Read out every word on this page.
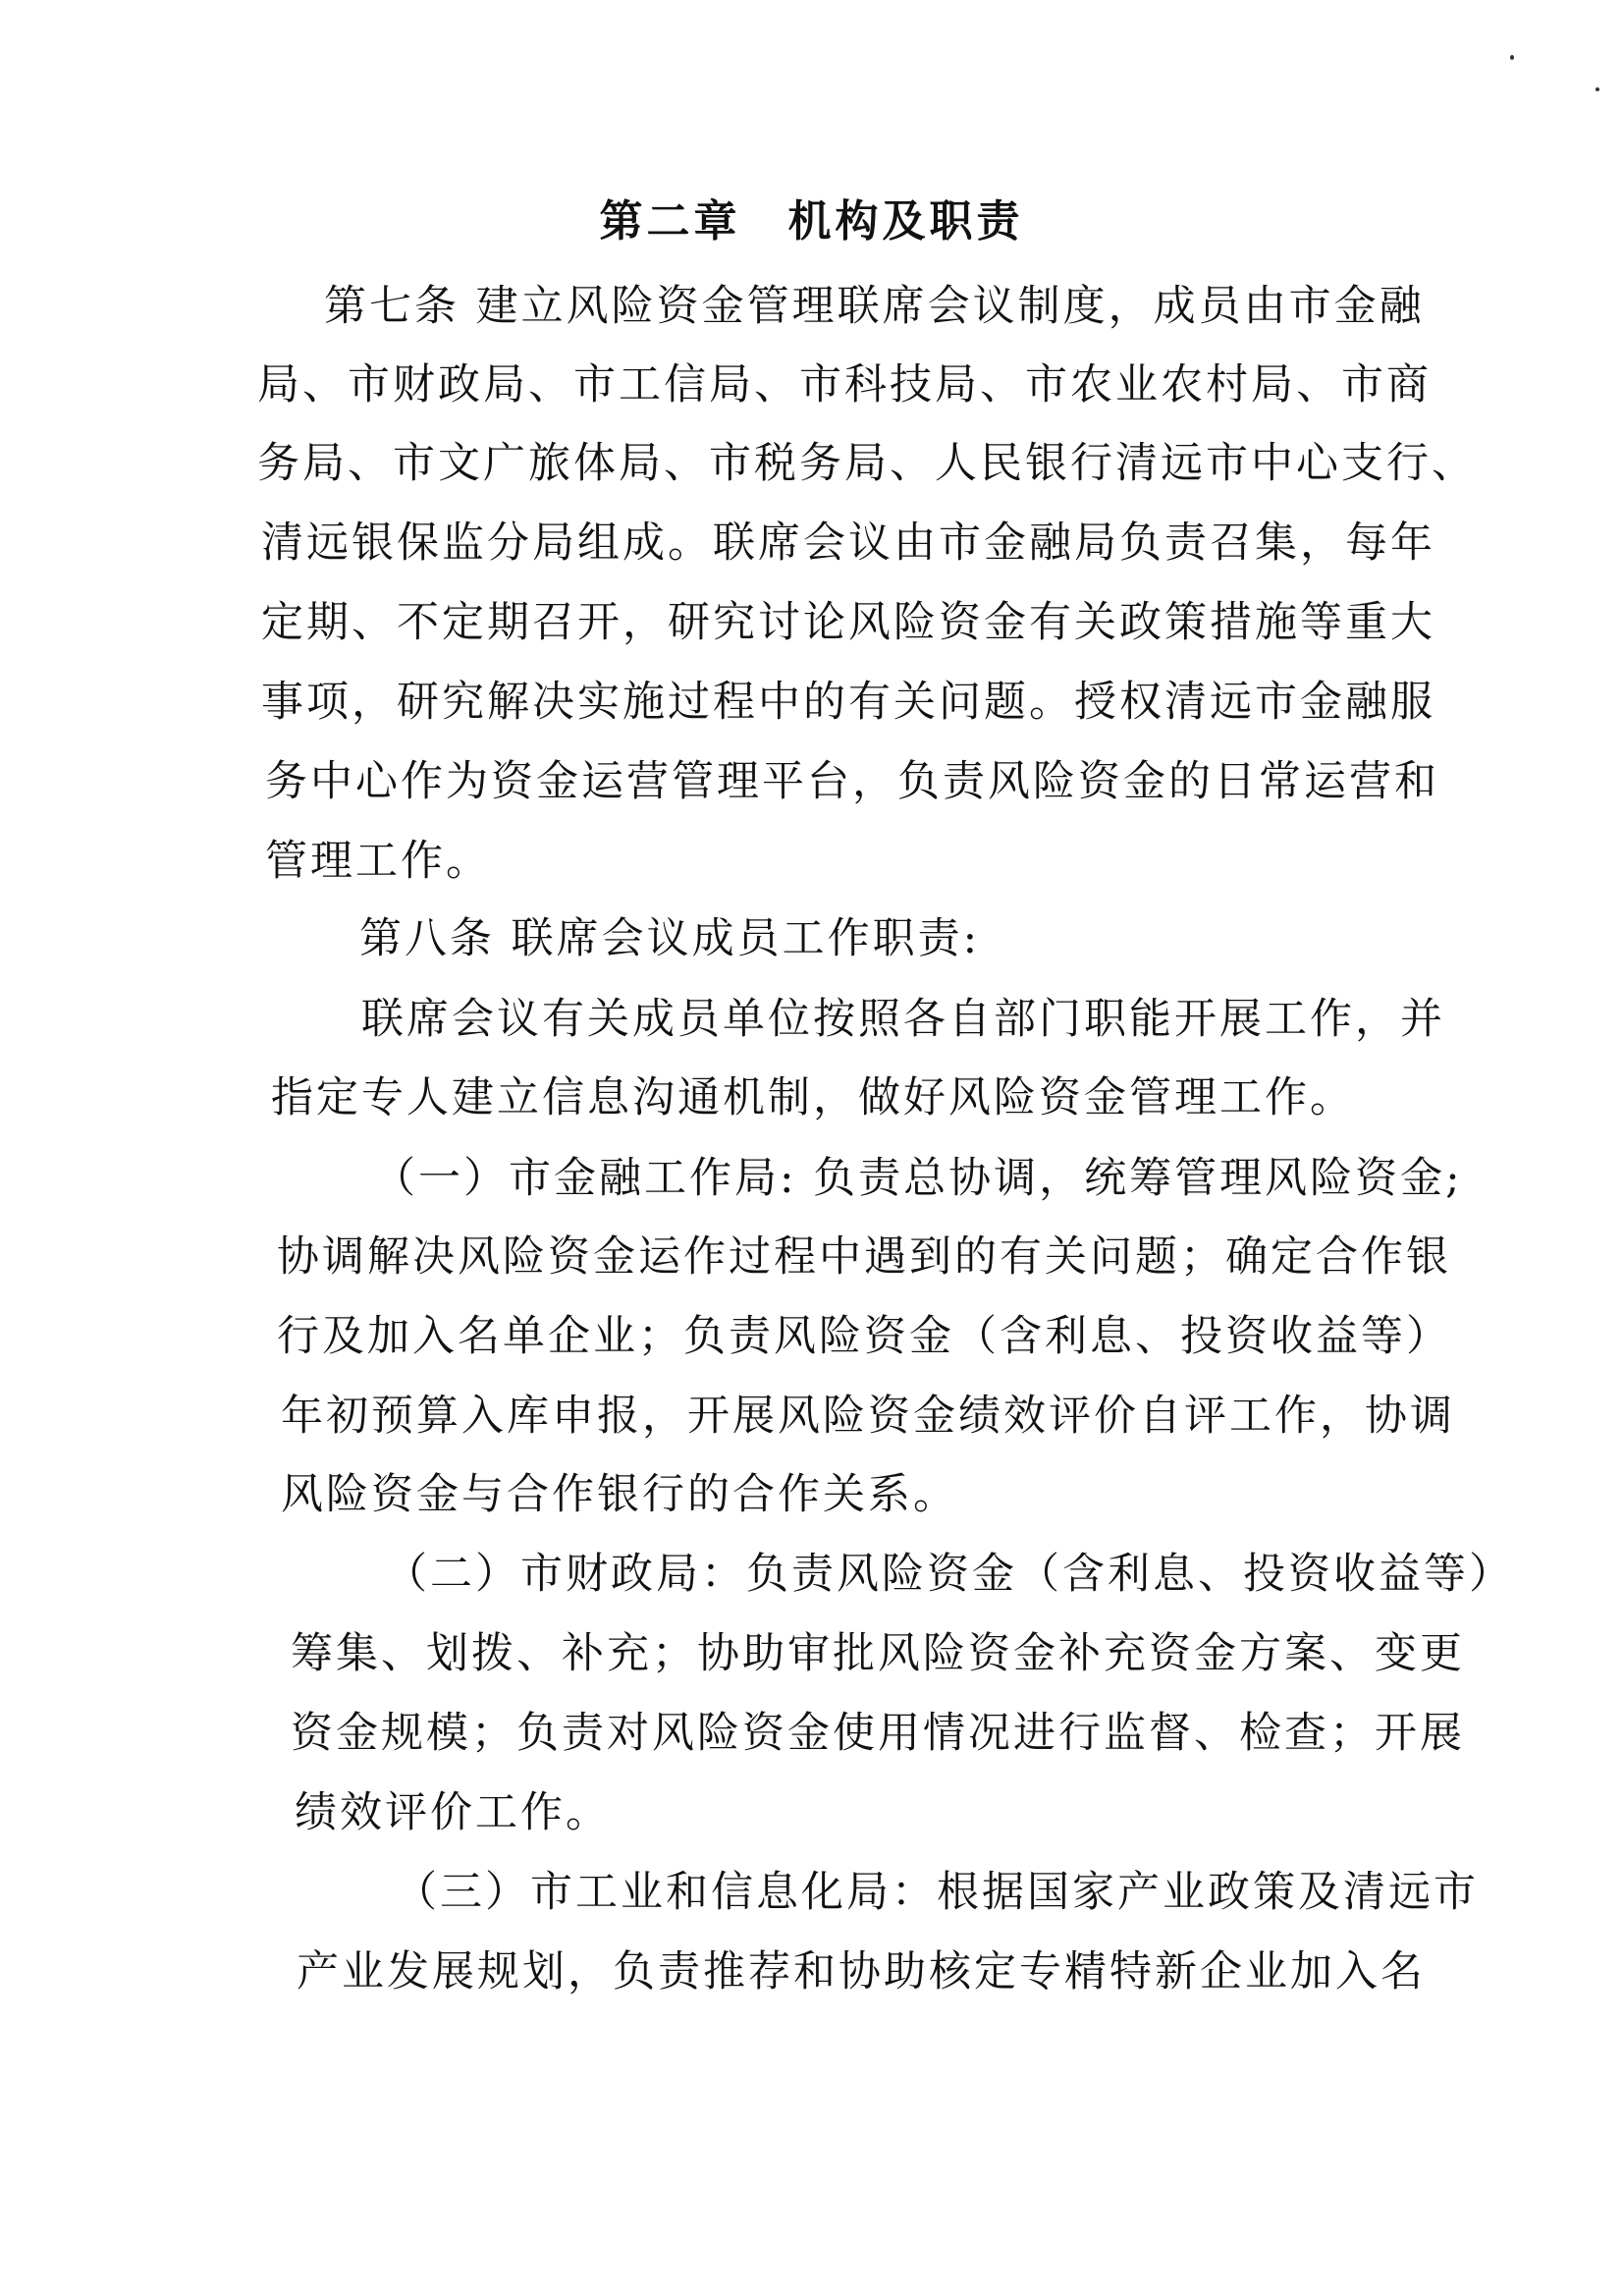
第二章　机构及职责
第七条 建立风险资金管理联席会议制度，成员由市金融
局、市财政局、市工信局、市科技局、市农业农村局、市商
务局、市文广旅体局、市税务局、人民银行清远市中心支行、
清远银保监分局组成。联席会议由市金融局负责召集，每年
定期、不定期召开，研究讨论风险资金有关政策措施等重大
事项，研究解决实施过程中的有关问题。授权清远市金融服
务中心作为资金运营管理平台，负责风险资金的日常运营和
管理工作。
第八条 联席会议成员工作职责:
联席会议有关成员单位按照各自部门职能开展工作，并
指定专人建立信息沟通机制，做好风险资金管理工作。
（一）市金融工作局: 负责总协调，统筹管理风险资金;
协调解决风险资金运作过程中遇到的有关问题；确定合作银
行及加入名单企业；负责风险资金（含利息、投资收益等）
年初预算入库申报，开展风险资金绩效评价自评工作，协调
风险资金与合作银行的合作关系。
（二）市财政局：负责风险资金（含利息、投资收益等）
筹集、划拨、补充；协助审批风险资金补充资金方案、变更
资金规模；负责对风险资金使用情况进行监督、检查；开展
绩效评价工作。
（三）市工业和信息化局：根据国家产业政策及清远市
产业发展规划，负责推荐和协助核定专精特新企业加入名
